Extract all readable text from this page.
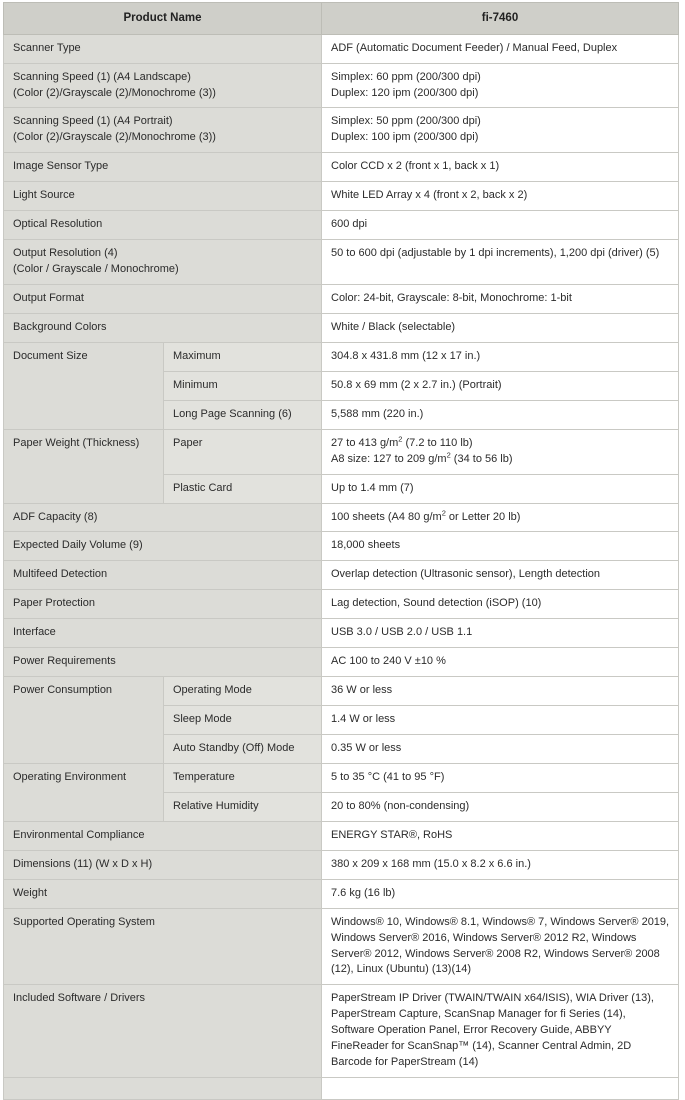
Product Name		fi-7460

Scanner Type		ADF (Automatic Document Feeder) / Manual Feed, Duplex

Scanning Speed (1) (A4 Landscape)
(Color (2)/Grayscale (2)/Monochrome (3))		Simplex: 60 ppm (200/300 dpi)
Duplex: 120 ipm (200/300 dpi)

Scanning Speed (1) (A4 Portrait)
(Color (2)/Grayscale (2)/Monochrome (3))		Simplex: 50 ppm (200/300 dpi)
Duplex: 100 ipm (200/300 dpi)

Image Sensor Type		Color CCD x 2 (front x 1, back x 1)

Light Source		White LED Array x 4 (front x 2, back x 2)

Optical Resolution		600 dpi

Output Resolution (4)
(Color / Grayscale / Monochrome)		50 to 600 dpi (adjustable by 1 dpi increments), 1,200 dpi (driver) (5)

Output Format		Color: 24-bit, Grayscale: 8-bit, Monochrome: 1-bit

Background Colors		White / Black (selectable)

Document Size	Maximum	304.8 x 431.8 mm (12 x 17 in.)

	Minimum	50.8 x 69 mm (2 x 2.7 in.) (Portrait)

	Long Page Scanning (6)	5,588 mm (220 in.)

Paper Weight (Thickness)	Paper	27 to 413 $g/m^2$ (7.2 to 110 lb)
A8 size: 127 to 209 $g/m^2$ (34 to 56 lb)

	Plastic Card	Up to 1.4 mm (7)

ADF Capacity (8)		100 sheets (A4 80 $g/m^2$ or Letter 20 lb)

Expected Daily Volume (9)		18,000 sheets

Multifeed Detection		Overlap detection (Ultrasonic sensor), Length detection

Paper Protection		Lag detection, Sound detection (iSOP) (10)

Interface		USB 3.0 / USB 2.0 / USB 1.1

Power Requirements		AC 100 to 240 V ±10 %

Power Consumption	Operating Mode	36 W or less

	Sleep Mode	1.4 W or less

	Auto Standby (Off) Mode	0.35 W or less

Operating Environment	Temperature	5 to 35 °C (41 to 95 °F)

	Relative Humidity	20 to 80% (non-condensing)

Environmental Compliance		ENERGY STAR®, RoHS

Dimensions (11) (W x D x H)		380 x 209 x 168 mm (15.0 x 8.2 x 6.6 in.)

Weight		7.6 kg (16 lb)

Supported Operating System		Windows® 10, Windows® 8.1, Windows® 7, Windows Server® 2019, Windows Server® 2016, Windows Server® 2012 R2, Windows Server® 2012, Windows Server® 2008 R2, Windows Server® 2008 (12), Linux (Ubuntu) (13)(14)

Included Software / Drivers		PaperStream IP Driver (TWAIN/TWAIN x64/ISIS), WIA Driver (13), PaperStream Capture, ScanSnap Manager for fi Series (14), Software Operation Panel, Error Recovery Guide, ABBYY FineReader for ScanSnap™ (14), Scanner Central Admin, 2D Barcode for PaperStream (14)
